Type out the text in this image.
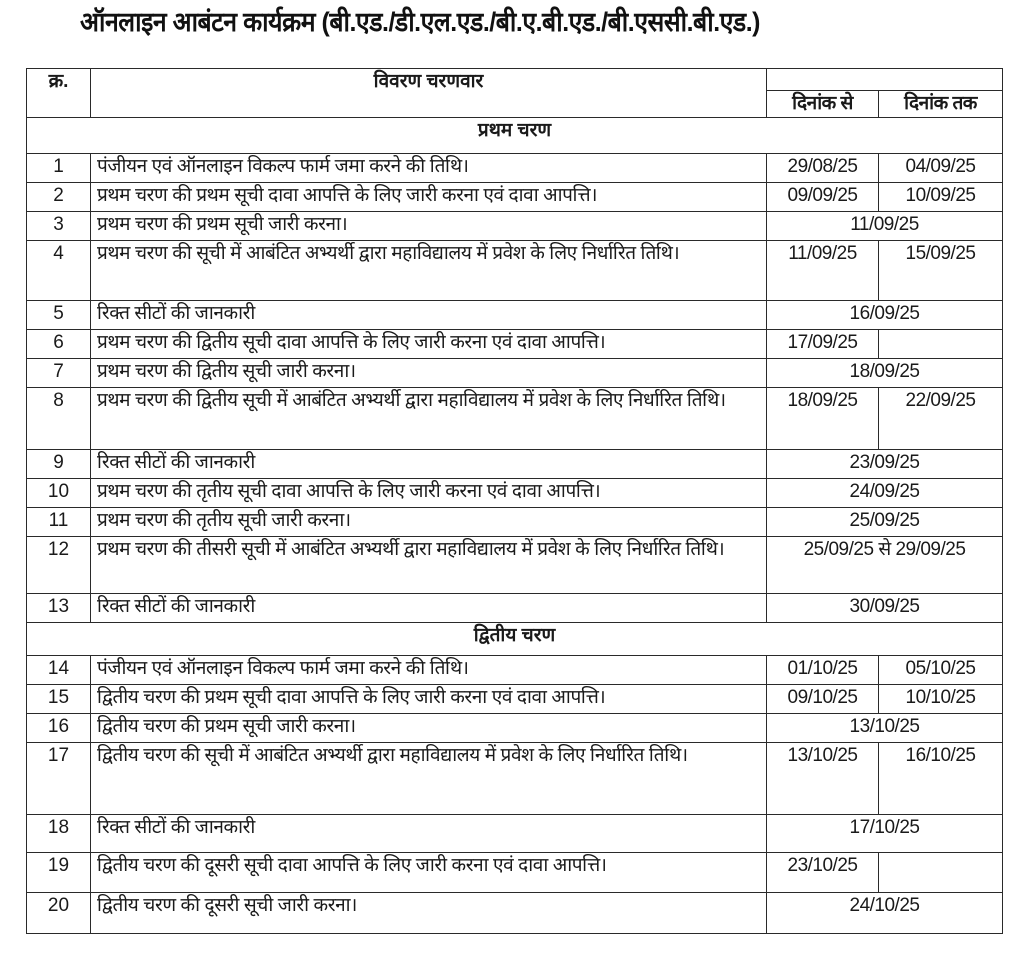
ऑनलाइन आबंटन कार्यक्रम (बी.एड./डी.एल.एड./बी.ए.बी.एड./बी.एससी.बी.एड.)
क्र.	विवरण चरणवार		
		दिनांक से	दिनांक तक
प्रथम चरण			
1	पंजीयन एवं ऑनलाइन विकल्प फार्म जमा करने की तिथि।	29/08/25	04/09/25
2	प्रथम चरण की प्रथम सूची दावा आपत्ति के लिए जारी करना एवं दावा आपत्ति।	09/09/25	10/09/25
3	प्रथम चरण की प्रथम सूची जारी करना।	11/09/25	
4	प्रथम चरण की सूची में आबंटित अभ्यर्थी द्वारा महाविद्यालय में प्रवेश के लिए निर्धारित तिथि।	11/09/25	15/09/25
5	रिक्त सीटों की जानकारी	16/09/25	
6	प्रथम चरण की द्वितीय सूची दावा आपत्ति के लिए जारी करना एवं दावा आपत्ति।	17/09/25	
7	प्रथम चरण की द्वितीय सूची जारी करना।	18/09/25	
8	प्रथम चरण की द्वितीय सूची में आबंटित अभ्यर्थी द्वारा महाविद्यालय में प्रवेश के लिए निर्धारित तिथि।	18/09/25	22/09/25
9	रिक्त सीटों की जानकारी	23/09/25	
10	प्रथम चरण की तृतीय सूची दावा आपत्ति के लिए जारी करना एवं दावा आपत्ति।	24/09/25	
11	प्रथम चरण की तृतीय सूची जारी करना।	25/09/25	
12	प्रथम चरण की तीसरी सूची में आबंटित अभ्यर्थी द्वारा महाविद्यालय में प्रवेश के लिए निर्धारित तिथि।	25/09/25 से 29/09/25	
13	रिक्त सीटों की जानकारी	30/09/25	
द्वितीय चरण			
14	पंजीयन एवं ऑनलाइन विकल्प फार्म जमा करने की तिथि।	01/10/25	05/10/25
15	द्वितीय चरण की प्रथम सूची दावा आपत्ति के लिए जारी करना एवं दावा आपत्ति।	09/10/25	10/10/25
16	द्वितीय चरण की प्रथम सूची जारी करना।	13/10/25	
17	द्वितीय चरण की सूची में आबंटित अभ्यर्थी द्वारा महाविद्यालय में प्रवेश के लिए निर्धारित तिथि।	13/10/25	16/10/25
18	रिक्त सीटों की जानकारी	17/10/25	
19	द्वितीय चरण की दूसरी सूची दावा आपत्ति के लिए जारी करना एवं दावा आपत्ति।	23/10/25	
20	द्वितीय चरण की दूसरी सूची जारी करना।	24/10/25	
